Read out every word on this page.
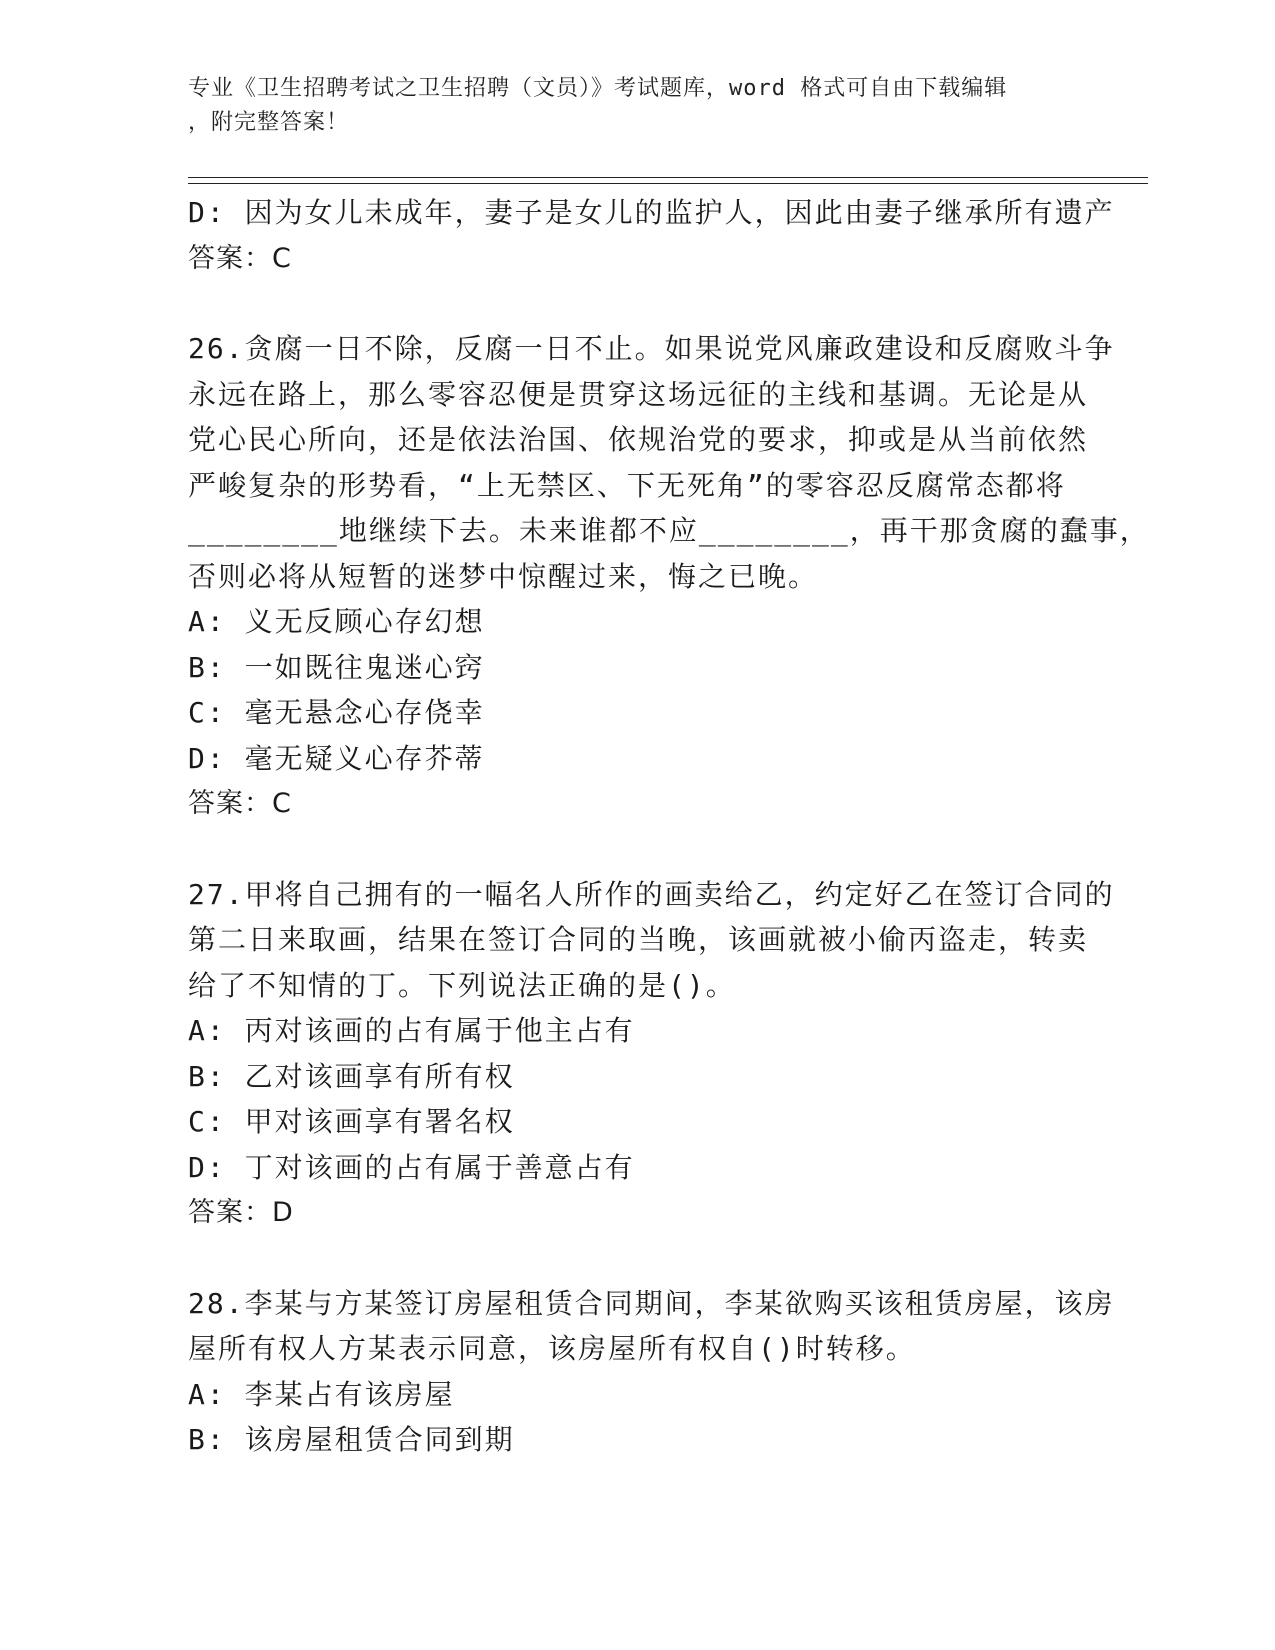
专业《卫生招聘考试之卫生招聘（文员）》考试题库，word 格式可自由下载编辑
，附完整答案！
D: 因为女儿未成年，妻子是女儿的监护人，因此由妻子继承所有遗产
答案：C
26.贪腐一日不除，反腐一日不止。如果说党风廉政建设和反腐败斗争
永远在路上，那么零容忍便是贯穿这场远征的主线和基调。无论是从
党心民心所向，还是依法治国、依规治党的要求，抑或是从当前依然
严峻复杂的形势看，“上无禁区、下无死角”的零容忍反腐常态都将
________地继续下去。未来谁都不应________，再干那贪腐的蠢事，
否则必将从短暂的迷梦中惊醒过来，悔之已晚。
A: 义无反顾心存幻想
B: 一如既往鬼迷心窍
C: 毫无悬念心存侥幸
D: 毫无疑义心存芥蒂
答案：C
27.甲将自己拥有的一幅名人所作的画卖给乙，约定好乙在签订合同的
第二日来取画，结果在签订合同的当晚，该画就被小偷丙盗走，转卖
给了不知情的丁。下列说法正确的是()。
A: 丙对该画的占有属于他主占有
B: 乙对该画享有所有权
C: 甲对该画享有署名权
D: 丁对该画的占有属于善意占有
答案：D
28.李某与方某签订房屋租赁合同期间，李某欲购买该租赁房屋，该房
屋所有权人方某表示同意，该房屋所有权自()时转移。
A: 李某占有该房屋
B: 该房屋租赁合同到期
